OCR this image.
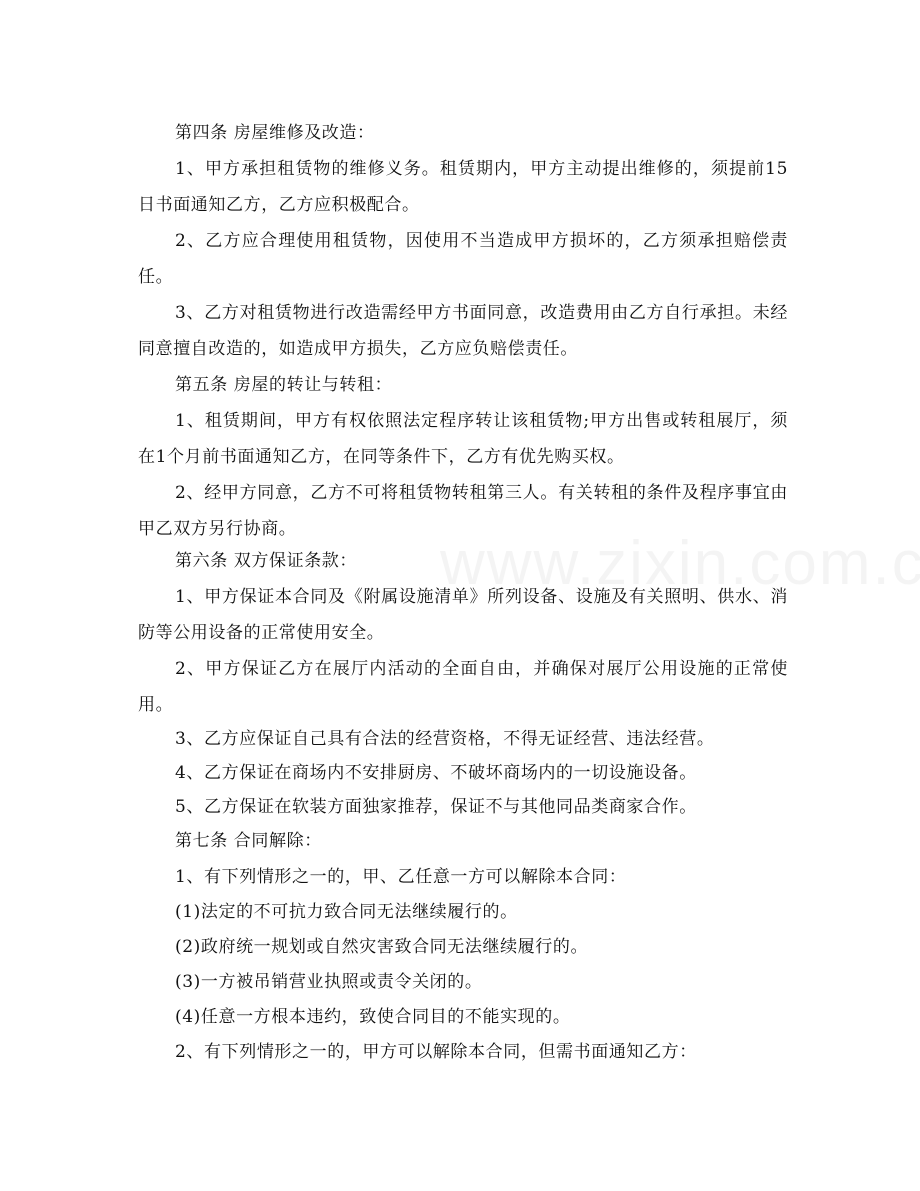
第四条 房屋维修及改造：

1、甲方承担租赁物的维修义务。租赁期内，甲方主动提出维修的，须提前15日书面通知乙方，乙方应积极配合。

2、乙方应合理使用租赁物，因使用不当造成甲方损坏的，乙方须承担赔偿责任。

3、乙方对租赁物进行改造需经甲方书面同意，改造费用由乙方自行承担。未经同意擅自改造的，如造成甲方损失，乙方应负赔偿责任。

第五条 房屋的转让与转租：

1、租赁期间，甲方有权依照法定程序转让该租赁物;甲方出售或转租展厅，须在1个月前书面通知乙方，在同等条件下，乙方有优先购买权。

2、经甲方同意，乙方不可将租赁物转租第三人。有关转租的条件及程序事宜由甲乙双方另行协商。

第六条 双方保证条款：

1、甲方保证本合同及《附属设施清单》所列设备、设施及有关照明、供水、消防等公用设备的正常使用安全。

2、甲方保证乙方在展厅内活动的全面自由，并确保对展厅公用设施的正常使用。

3、乙方应保证自己具有合法的经营资格，不得无证经营、违法经营。

4、乙方保证在商场内不安排厨房、不破坏商场内的一切设施设备。

5、乙方保证在软装方面独家推荐，保证不与其他同品类商家合作。

第七条 合同解除：

1、有下列情形之一的，甲、乙任意一方可以解除本合同：

(1)法定的不可抗力致合同无法继续履行的。

(2)政府统一规划或自然灾害致合同无法继续履行的。

(3)一方被吊销营业执照或责令关闭的。

(4)任意一方根本违约，致使合同目的不能实现的。

2、有下列情形之一的，甲方可以解除本合同，但需书面通知乙方：
